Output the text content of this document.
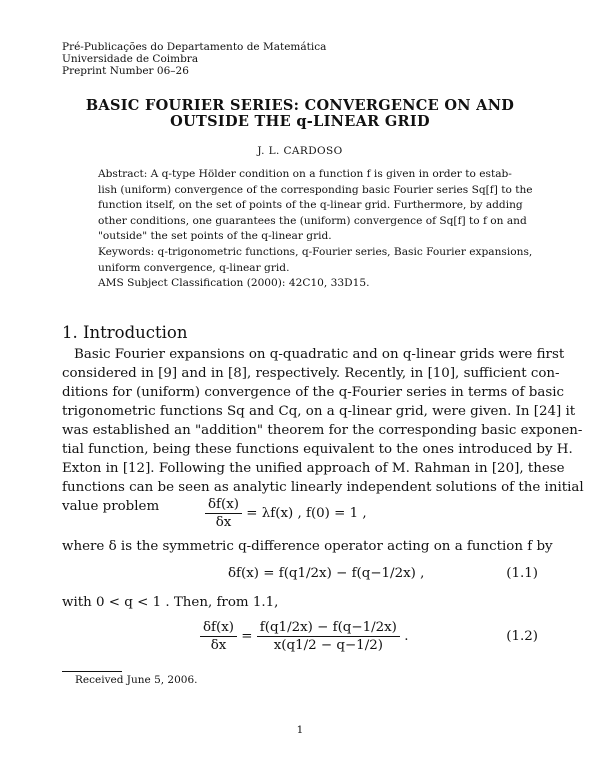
Pré-Publicações do Departamento de Matemática
Universidade de Coimbra
Preprint Number 06–26
BASIC FOURIER SERIES: CONVERGENCE ON AND
OUTSIDE THE q-LINEAR GRID
J. L. CARDOSO
Abstract: A q-type Hölder condition on a function f is given in order to estab-
lish (uniform) convergence of the corresponding basic Fourier series Sq[f] to the
function itself, on the set of points of the q-linear grid. Furthermore, by adding
other conditions, one guarantees the (uniform) convergence of Sq[f] to f on and
"outside" the set points of the q-linear grid.
Keywords: q-trigonometric functions, q-Fourier series, Basic Fourier expansions,
uniform convergence, q-linear grid.
AMS Subject Classification (2000): 42C10, 33D15.
1. Introduction
Basic Fourier expansions on q-quadratic and on q-linear grids were first
considered in [9] and in [8], respectively. Recently, in [10], sufficient con-
ditions for (uniform) convergence of the q-Fourier series in terms of basic
trigonometric functions Sq and Cq, on a q-linear grid, were given. In [24] it
was established an "addition" theorem for the corresponding basic exponen-
tial function, being these functions equivalent to the ones introduced by H.
Exton in [12]. Following the unified approach of M. Rahman in [20], these
functions can be seen as analytic linearly independent solutions of the initial
value problem	$\frac{\delta f(x)}{\delta x} = \lambda f(x)$ , f(0) = 1 ,
where δ is the symmetric q-difference operator acting on a function f by
δf(x) = f(q1/2x) − f(q−1/2x) ,	(1.1)
with 0 < q < 1 . Then, from 1.1,
$\frac{\delta f(x)}{\delta x} = \frac{f(q1/2x) - f(q-1/2x)}{x(q1/2 - q-1/2)}$ .	(1.2)
Received June 5, 2006.
1
